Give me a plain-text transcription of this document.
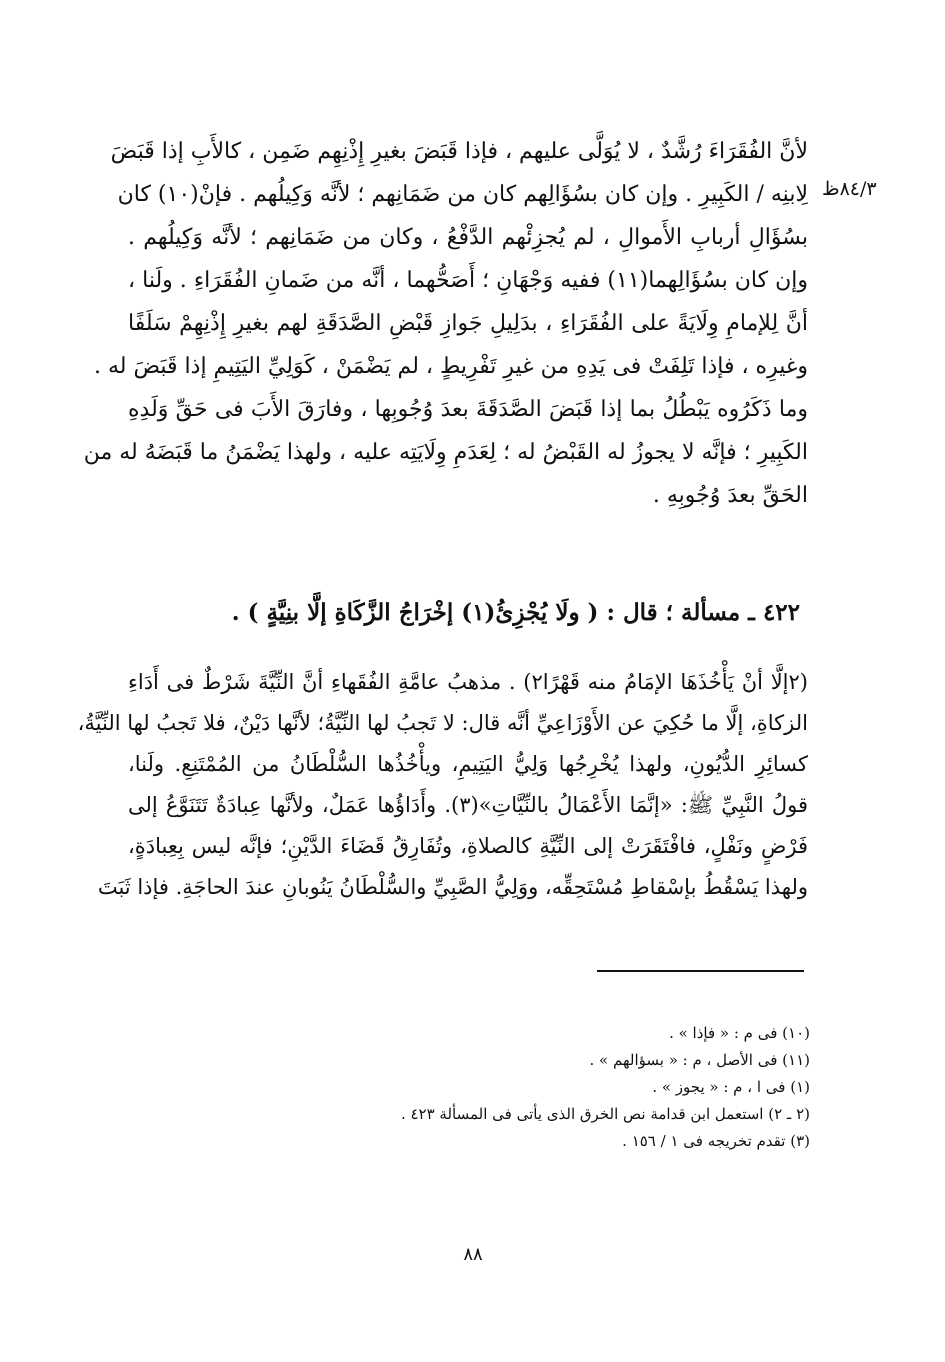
٨٤/٣ظ
لأنَّ الفُقَرَاءَ رُشَّدٌ ، لا يُوَلَّى عليهم ، فإذا قَبَضَ بغيرِ إِذْنِهِم ضَمِن ، كالأَبِ إذا قَبَضَ
لِابنِه / الكَبِيرِ . وإن كان بسُؤَالِهم كان من ضَمَانِهم ؛ لأنَّه وَكِيلُهم . فإنْ(١٠) كان
بسُؤَالِ أربابِ الأَموالِ ، لم يُجزِئْهم الدَّفْعُ ، وكان من ضَمَانِهم ؛ لأنَّه وَكِيلُهم .
وإن كان بسُؤَالِهما(١١) ففيه وَجْهَانِ ؛ أَصَحُّهما ، أنَّه من ضَمانِ الفُقَرَاءِ . ولَنا ،
أنَّ لِلإمامِ وِلَايَةً على الفُقَرَاءِ ، بدَلِيلِ جَوازِ قَبْضِ الصَّدَقَةِ لهم بغيرِ إِذْنِهِمْ سَلَفًا
وغيرِه ، فإذا تَلِفَتْ فى يَدِهِ من غيرِ تَفْرِيطٍ ، لم يَضْمَنْ ، كَوَلِيِّ اليَتِيمِ إذا قَبَضَ له .
وما ذَكَرُوه يَبْطُلُ بما إذا قَبَضَ الصَّدَقَةَ بعدَ وُجُوبِها ، وفارَقَ الأَبَ فى حَقِّ وَلَدِهِ
الكَبِيرِ ؛ فإنَّه لا يجوزُ له القَبْضُ له ؛ لِعَدَمِ وِلَايَتِه عليه ، ولهذا يَضْمَنُ ما قَبَضَهُ له من
الحَقِّ بعدَ وُجُوبِهِ .
٤٢٢ ـ مسألة ؛ قال : ( ولَا يُجْزِئُ(١) إخْرَاجُ الزَّكَاةِ إلَّا بنِيَّةٍ ) .
(٢إلَّا أنْ يَأْخُذَهَا الإمَامُ منه قَهْرًا٢) . مذهبُ عامَّةِ الفُقَهاءِ أنَّ النِّيَّةَ شَرْطٌ فى أَدَاءِ
الزكاةِ، إلَّا ما حُكِيَ عن الأَوْزَاعِيِّ أنَّه قال: لا تَجبُ لها النِّيَّةُ؛ لأنَّها دَيْنٌ، فلا تَجبُ لها النِّيَّةُ،
كسائِرِ الدُّيُونِ، ولهذا يُخْرِجُها وَلِيُّ اليَتِيمِ، ويأْخُذُها السُّلْطَانُ من المُمْتَنِعِ. ولَنا،
قولُ النَّبِيِّ ﷺ: «إنَّمَا الأَعْمَالُ بالنِّيَّاتِ»(٣). وأَدَاؤُها عَمَلٌ، ولأنَّها عِبادَةٌ تَتَنَوَّعُ إلى
فَرْضٍ ونَفْلٍ، فافْتَقَرَتْ إلى النِّيَّةِ كالصلاةِ، وتُفَارِقُ قَضَاءَ الدَّيْنِ؛ فإنَّه ليس بِعِبادَةٍ،
ولهذا يَسْقُطُ بإسْقاطِ مُسْتَحِقِّه، ووَلِيُّ الصَّبِيِّ والسُّلْطَانُ يَنُوبانِ عندَ الحاجَةِ. فإذا ثَبَتَ
(١٠) فى م : « فإذا » .
(١١) فى الأصل ، م : « بسؤالهم » .
(١) فى ا ، م : « يجوز » .
(٢ ـ ٢) استعمل ابن قدامة نص الخرق الذى يأتى فى المسألة ٤٢٣ .
(٣) تقدم تخريجه فى ١ / ١٥٦ .
٨٨
